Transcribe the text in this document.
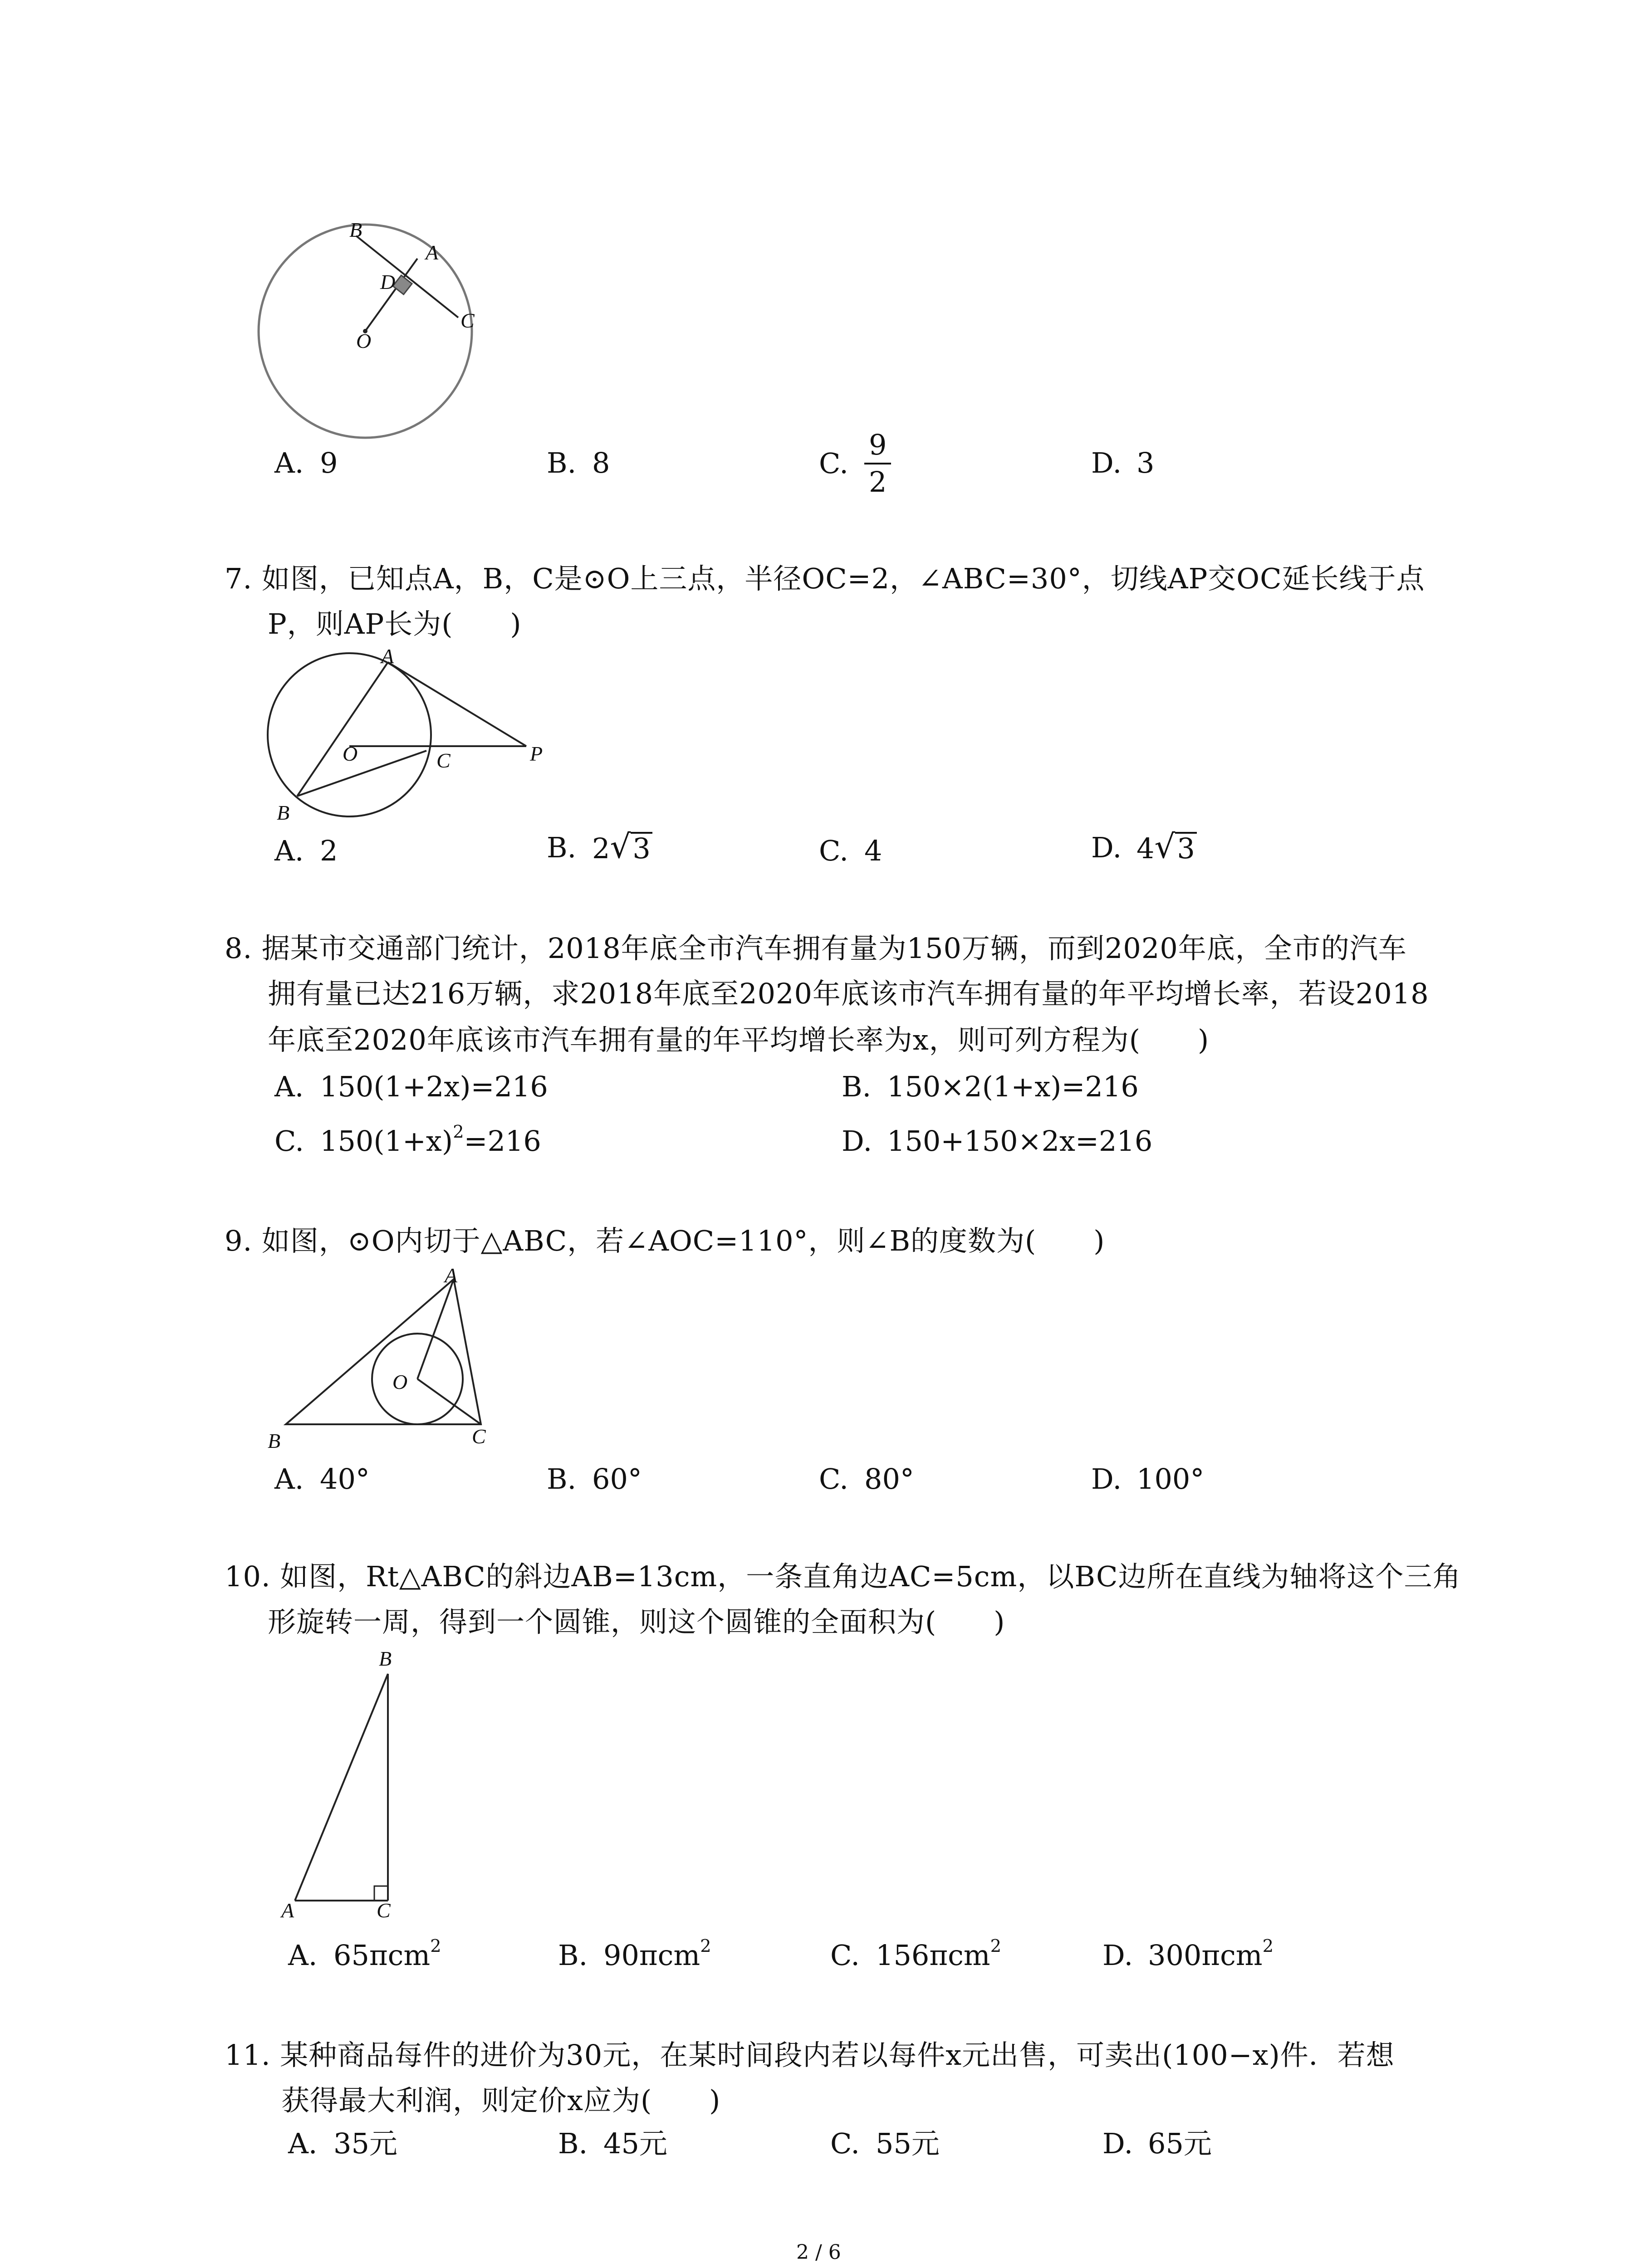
B
A
D
C
O
A. 9	B. 8	C. $\frac{9}{2}$	D. 3
7. 如图，已知点A，B，C是⊙O上三点，半径OC=2，∠ABC=30°，切线AP交OC延长线于点
P，则AP长为(　　)
A
O	C	P
B
A. 2	B. 2 √ 3	C. 4	D. 4 √ 3
8. 据某市交通部门统计，2018年底全市汽车拥有量为150万辆，而到2020年底，全市的汽车
拥有量已达216万辆，求2018年底至2020年底该市汽车拥有量的年平均增长率，若设2018
年底至2020年底该市汽车拥有量的年平均增长率为x，则可列方程为(　　)
A. 150(1+2x)=216	B. 150×2(1+x)=216
C. $150(1+x)^2=216$	D. 150+150×2x=216
9. 如图，⊙O内切于△ABC，若∠AOC=110°，则∠B的度数为(　　)
A
O
B	C
A. 40°	B. 60°	C. 80°	D. 100°
10. 如图，Rt△ABC的斜边AB=13cm，一条直角边AC=5cm，以BC边所在直线为轴将这个三角
形旋转一周，得到一个圆锥，则这个圆锥的全面积为(　　)
B
A	C
A. 65πcm$^2$	B. 90πcm$^2$	C. 156πcm$^2$	D. 300πcm$^2$
11. 某种商品每件的进价为30元，在某时间段内若以每件x元出售，可卖出(100−x)件．若想
获得最大利润，则定价x应为(　　)
A. 35元	B. 45元	C. 55元	D. 65元
2 / 6
